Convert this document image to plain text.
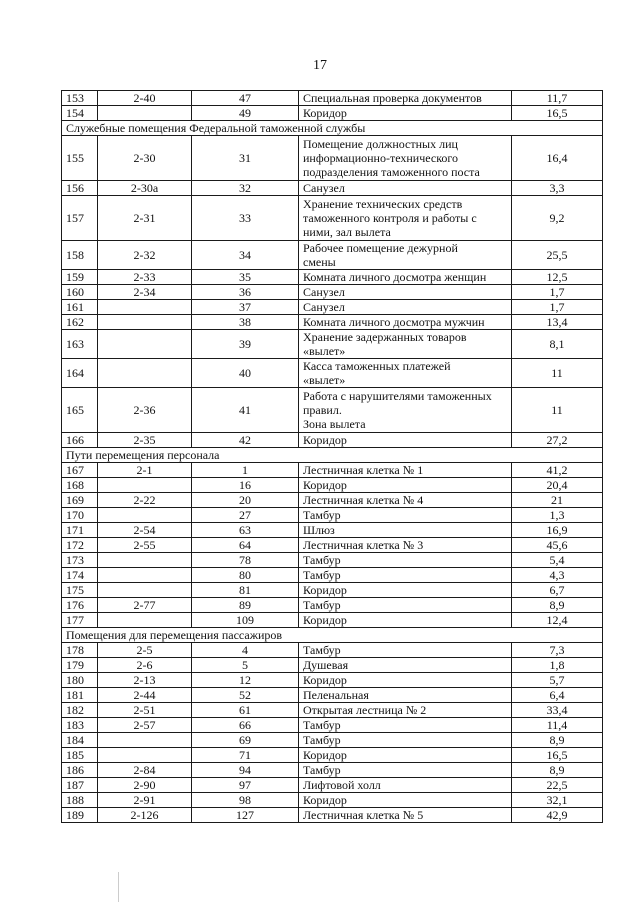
17
153	2-40	47	Специальная проверка документов	11,7
154		49	Коридор	16,5
Служебные помещения Федеральной таможенной службы				
155	2-30	31	Помещение должностных лиц
информационно-технического
подразделения таможенного поста	16,4
156	2-30а	32	Санузел	3,3
157	2-31	33	Хранение технических средств
таможенного контроля и работы с
ними, зал вылета	9,2
158	2-32	34	Рабочее помещение дежурной
смены	25,5
159	2-33	35	Комната личного досмотра женщин	12,5
160	2-34	36	Санузел	1,7
161		37	Санузел	1,7
162		38	Комната личного досмотра мужчин	13,4
163		39	Хранение задержанных товаров
«вылет»	8,1
164		40	Касса таможенных платежей
«вылет»	11
165	2-36	41	Работа с нарушителями таможенных
правил.
Зона вылета	11
166	2-35	42	Коридор	27,2
Пути перемещения персонала				
167	2-1	1	Лестничная клетка № 1	41,2
168		16	Коридор	20,4
169	2-22	20	Лестничная клетка № 4	21
170		27	Тамбур	1,3
171	2-54	63	Шлюз	16,9
172	2-55	64	Лестничная клетка № 3	45,6
173		78	Тамбур	5,4
174		80	Тамбур	4,3
175		81	Коридор	6,7
176	2-77	89	Тамбур	8,9
177		109	Коридор	12,4
Помещения для перемещения пассажиров				
178	2-5	4	Тамбур	7,3
179	2-6	5	Душевая	1,8
180	2-13	12	Коридор	5,7
181	2-44	52	Пеленальная	6,4
182	2-51	61	Открытая лестница № 2	33,4
183	2-57	66	Тамбур	11,4
184		69	Тамбур	8,9
185		71	Коридор	16,5
186	2-84	94	Тамбур	8,9
187	2-90	97	Лифтовой холл	22,5
188	2-91	98	Коридор	32,1
189	2-126	127	Лестничная клетка № 5	42,9
